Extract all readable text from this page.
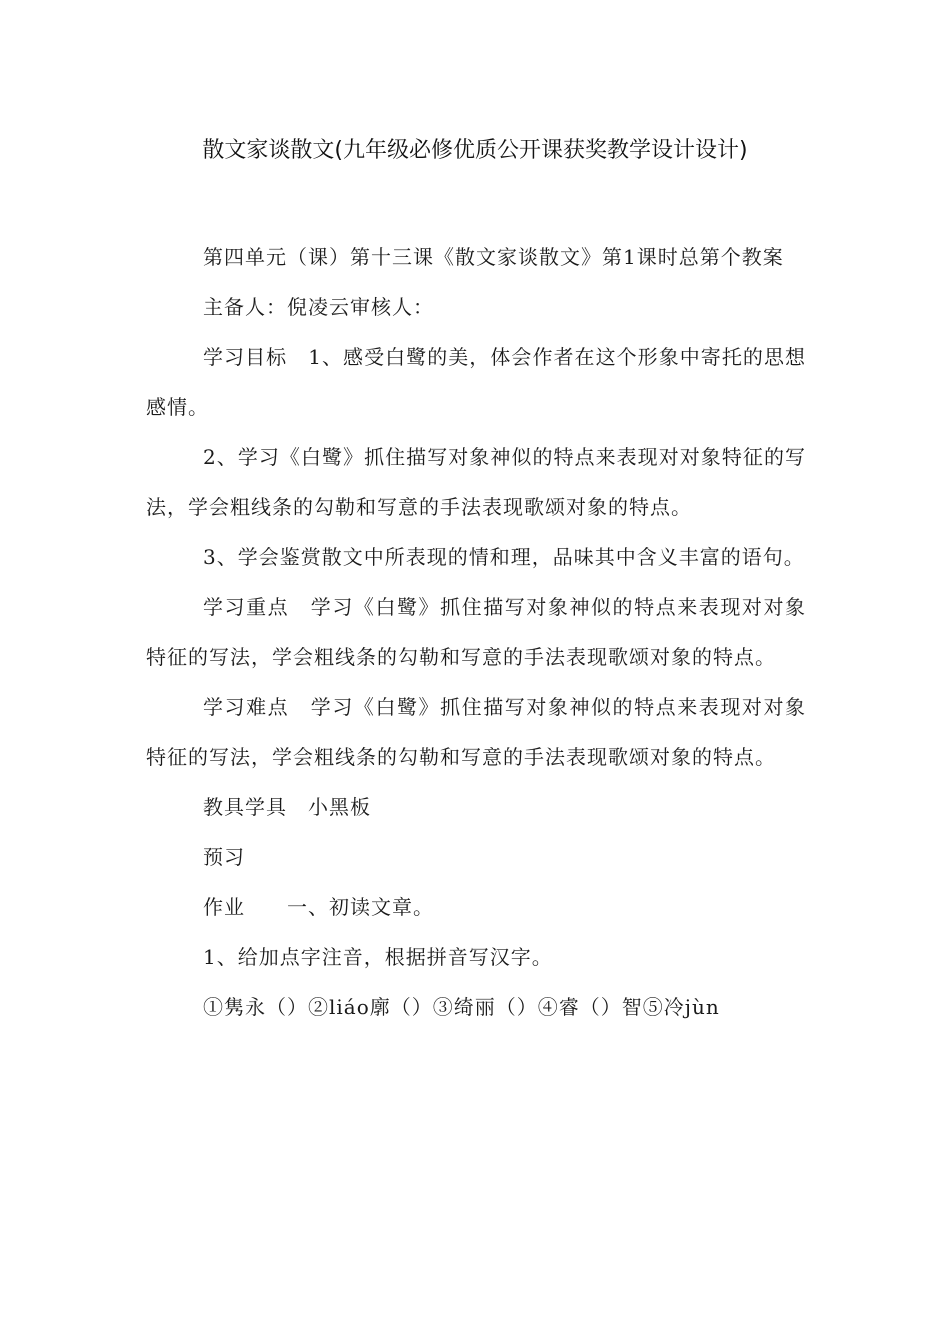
散文家谈散文(九年级必修优质公开课获奖教学设计设计)

第四单元（课）第十三课《散文家谈散文》第1课时总第个教案

主备人：倪凌云审核人：

学习目标　1、感受白鹭的美，体会作者在这个形象中寄托的思想感情。

2、学习《白鹭》抓住描写对象神似的特点来表现对对象特征的写法，学会粗线条的勾勒和写意的手法表现歌颂对象的特点。

3、学会鉴赏散文中所表现的情和理，品味其中含义丰富的语句。

学习重点　学习《白鹭》抓住描写对象神似的特点来表现对对象特征的写法，学会粗线条的勾勒和写意的手法表现歌颂对象的特点。

学习难点　学习《白鹭》抓住描写对象神似的特点来表现对对象特征的写法，学会粗线条的勾勒和写意的手法表现歌颂对象的特点。

教具学具　小黑板

预习

作业　　一、初读文章。

1、给加点字注音，根据拼音写汉字。

①隽永（）②liáo廓（）③绮丽（）④睿（）智⑤冷jùn
